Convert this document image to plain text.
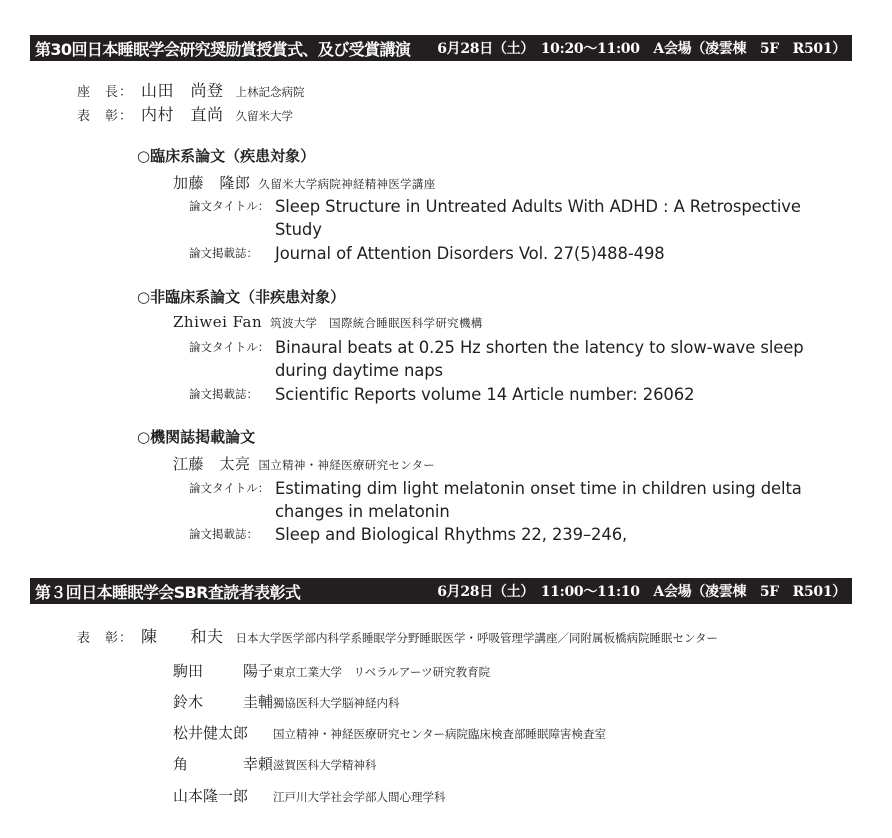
第30回日本睡眠学会研究奨励賞授賞式、及び受賞講演 6月28日（土）　10:20～11:00　A会場（凌雲棟　5F　R501）
座　長： 山田　尚登 上林記念病院
表　彰： 内村　直尚 久留米大学
○臨床系論文（疾患対象）
加藤　隆郎 久留米大学病院神経精神医学講座
論文タイトル： Sleep Structure in Untreated Adults With ADHD : A Retrospective Study
論文掲載誌：	Journal of Attention Disorders Vol. 27(5)488-498
○非臨床系論文（非疾患対象）
Zhiwei Fan 筑波大学　国際統合睡眠医科学研究機構
論文タイトル： Binaural beats at 0.25 Hz shorten the latency to slow-wave sleep during daytime naps
論文掲載誌：	Scientific Reports volume 14 Article number: 26062
○機関誌掲載論文
江藤　太亮 国立精神・神経医療研究センター
論文タイトル： Estimating dim light melatonin onset time in children using delta changes in melatonin
論文掲載誌：	Sleep and Biological Rhythms 22, 239–246,
第３回日本睡眠学会SBR査読者表彰式	6月28日（土）　11:00～11:10　A会場（凌雲棟　5F　R501）
表　彰： 陳　　和夫 日本大学医学部内科学系睡眠学分野睡眠医学・呼吸管理学講座／同附属板橋病院睡眠センター
駒田	陽子 東京工業大学　リベラルアーツ研究教育院
鈴木	圭輔 獨協医科大学脳神経内科
松井健太郎 国立精神・神経医療研究センター病院臨床検査部睡眠障害検査室
角	幸頼 滋賀医科大学精神科
山本隆一郎 江戸川大学社会学部人間心理学科
